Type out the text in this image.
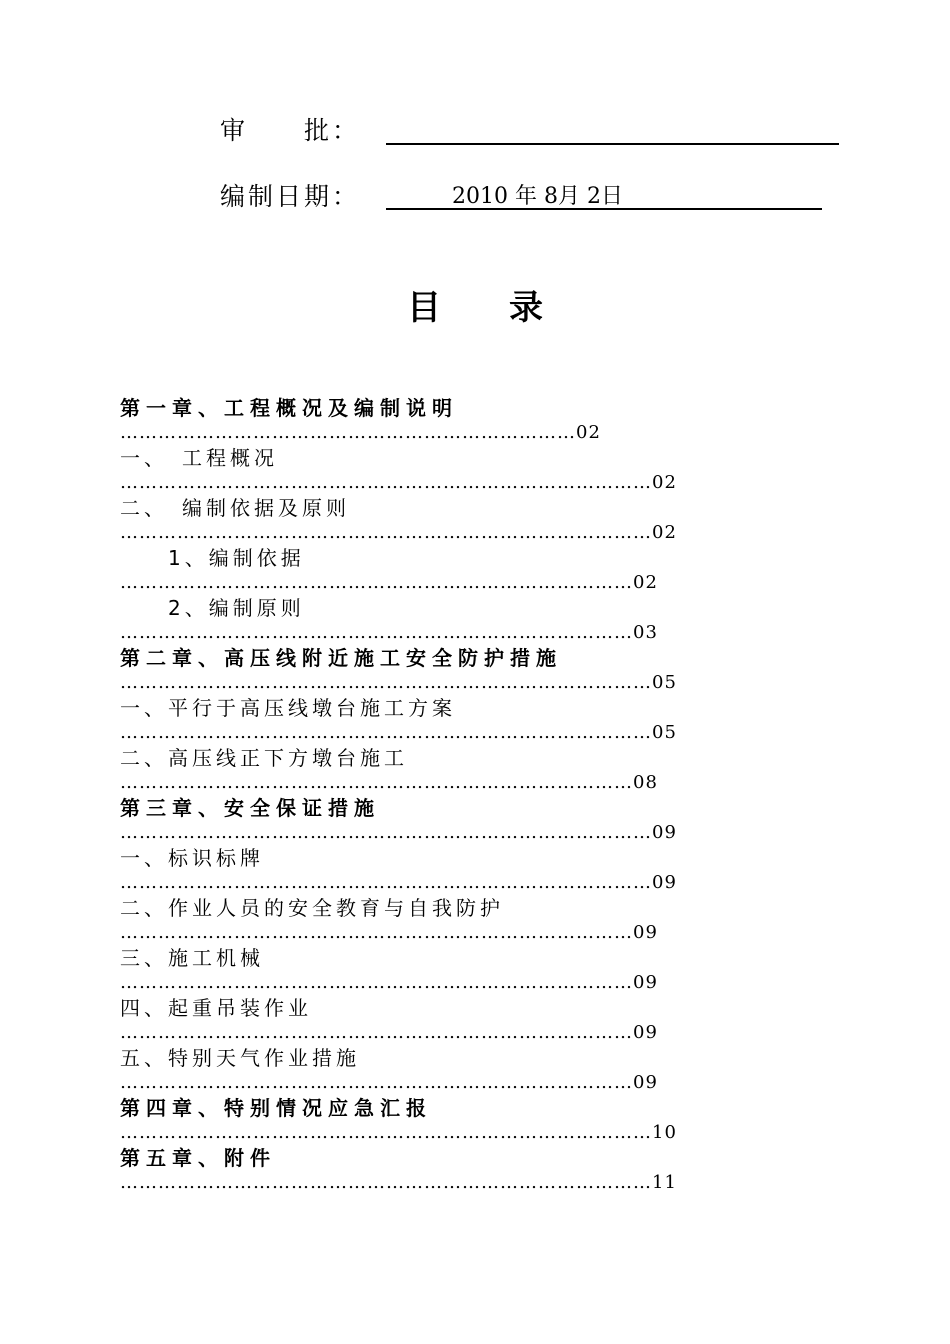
审　　批：
编制日期：	2010 年 8月 2日
目　　录
第一章、工程概况及编制说明
………………………………………………………………02
一、　工程概况
…………………………………………………………………………02
二、　编制依据及原则
…………………………………………………………………………02
1、编制依据
………………………………………………………………………02
2、编制原则
………………………………………………………………………03
第二章、高压线附近施工安全防护措施
…………………………………………………………………………05
一、平行于高压线墩台施工方案
…………………………………………………………………………05
二、高压线正下方墩台施工
………………………………………………………………………08
第三章、安全保证措施
…………………………………………………………………………09
一、标识标牌
…………………………………………………………………………09
二、作业人员的安全教育与自我防护
………………………………………………………………………09
三、施工机械
………………………………………………………………………09
四、起重吊装作业
………………………………………………………………………09
五、特别天气作业措施
………………………………………………………………………09
第四章、特别情况应急汇报
…………………………………………………………………………10
第五章、附件
…………………………………………………………………………11
